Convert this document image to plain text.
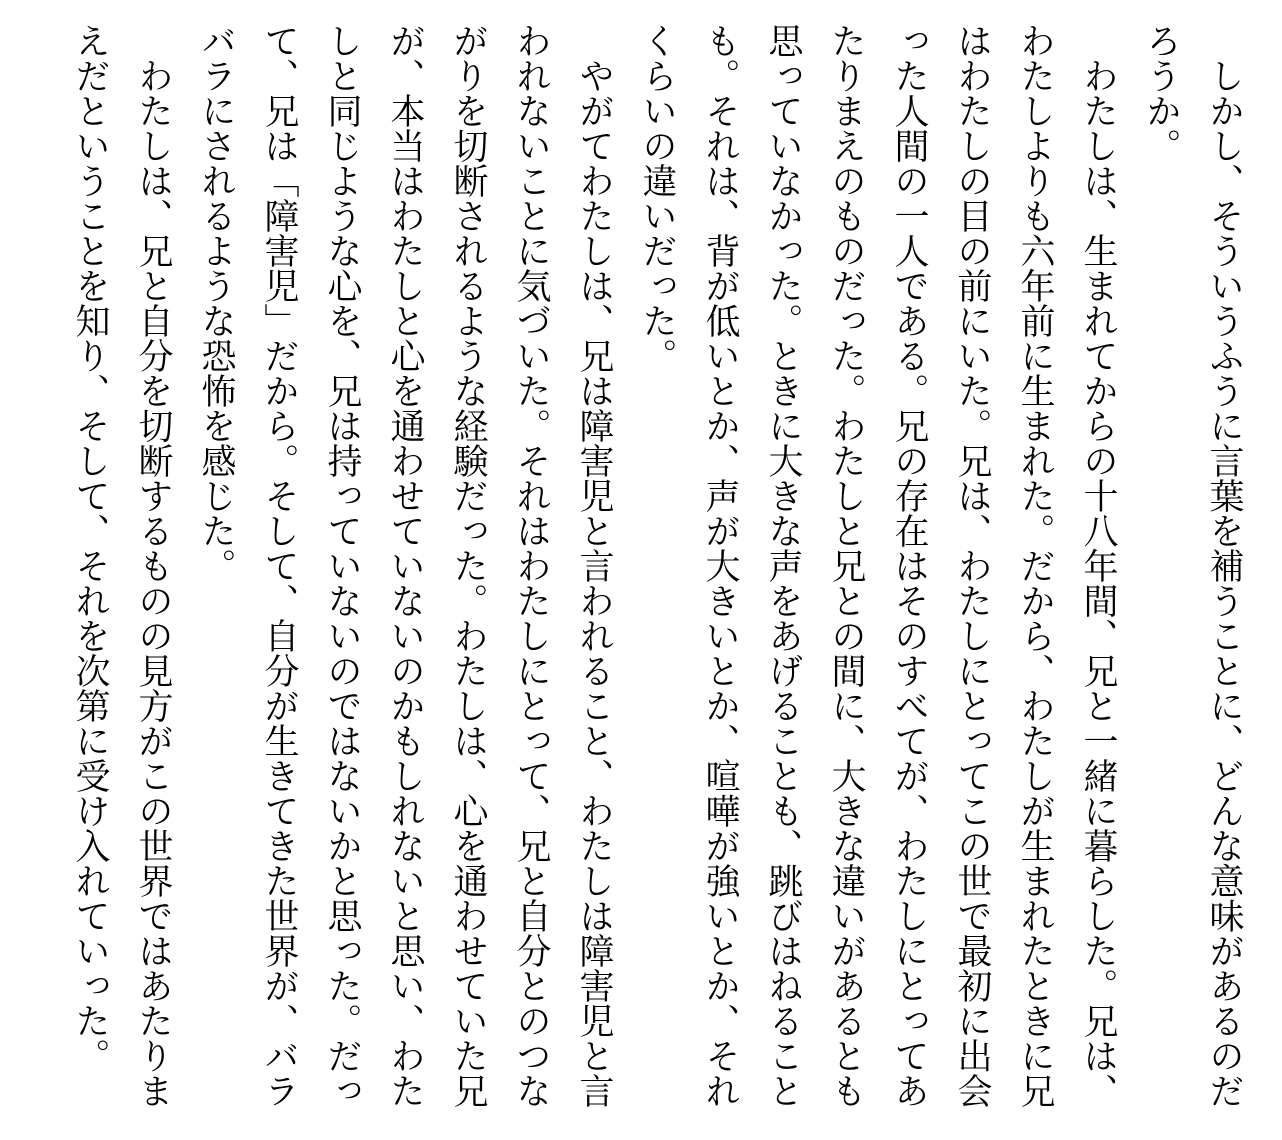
しかし、そういうふうに言葉を補うことに、どんな意味があるのだろうか。

わたしは、生まれてからの十八年間、兄と一緒に暮らした。兄は、わたしよりも六年前に生まれた。だから、わたしが生まれたときに兄はわたしの目の前にいた。兄は、わたしにとってこの世で最初に出会った人間の一人である。兄の存在はそのすべてが、わたしにとってあたりまえのものだった。わたしと兄との間に、大きな違いがあるとも思っていなかった。ときに大きな声をあげることも、跳びはねることも。それは、背が低いとか、声が大きいとか、喧嘩が強いとか、それくらいの違いだった。

やがてわたしは、兄は障害児と言われること、わたしは障害児と言われないことに気づいた。それはわたしにとって、兄と自分とのつながりを切断されるような経験だった。わたしは、心を通わせていた兄が、本当はわたしと心を通わせていないのかもしれないと思い、わたしと同じような心を、兄は持っていないのではないかと思った。だって、兄は「障害児」だから。そして、自分が生きてきた世界が、バラバラにされるような恐怖を感じた。

わたしは、兄と自分を切断するものの見方がこの世界ではあたりまえだということを知り、そして、それを次第に受け入れていった。
